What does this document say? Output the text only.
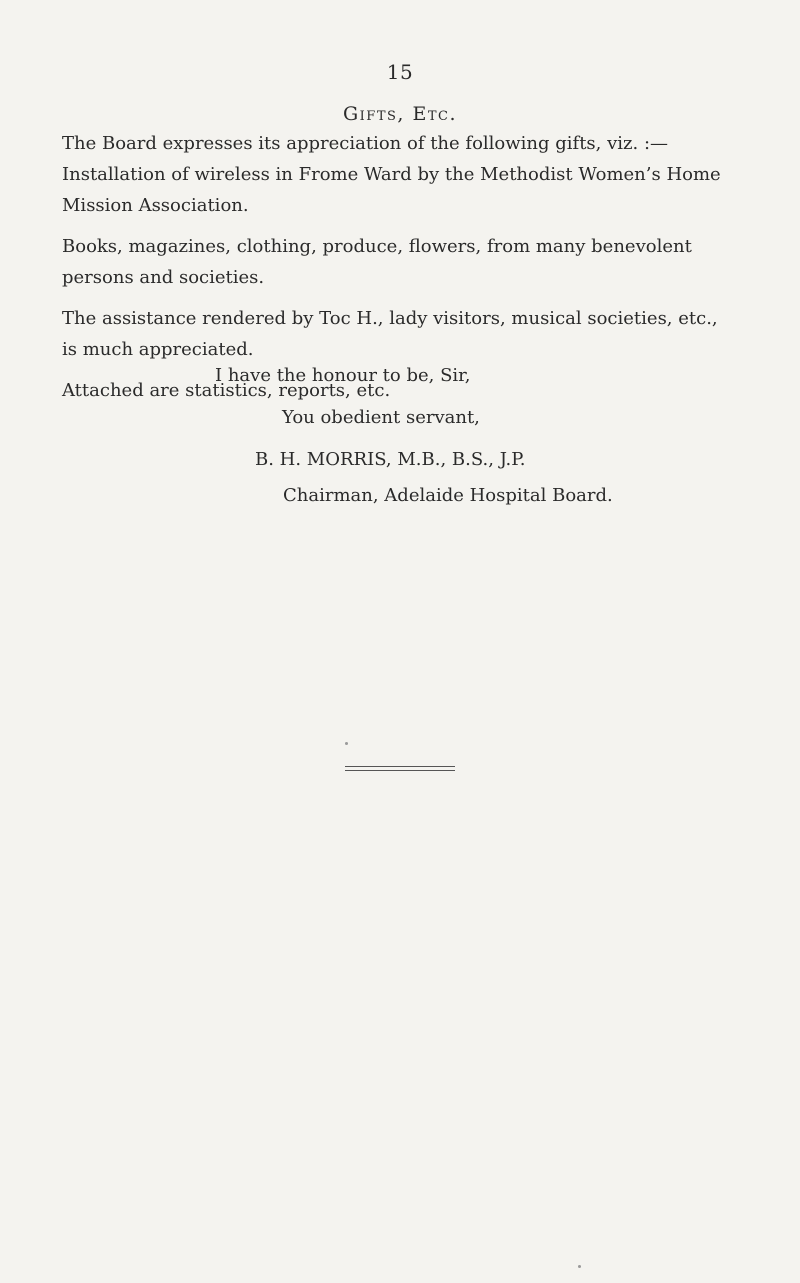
15
Gifts, Etc.

The Board expresses its appreciation of the following gifts, viz. :—

Installation of wireless in Frome Ward by the Methodist Women’s Home Mission Association.

Books, magazines, clothing, produce, flowers, from many benevolent persons and societies.

The assistance rendered by Toc H., lady visitors, musical societies, etc., is much appreciated.

Attached are statistics, reports, etc.

I have the honour to be, Sir,
You obedient servant,
B. H. MORRIS, M.B., B.S., J.P.
Chairman, Adelaide Hospital Board.
